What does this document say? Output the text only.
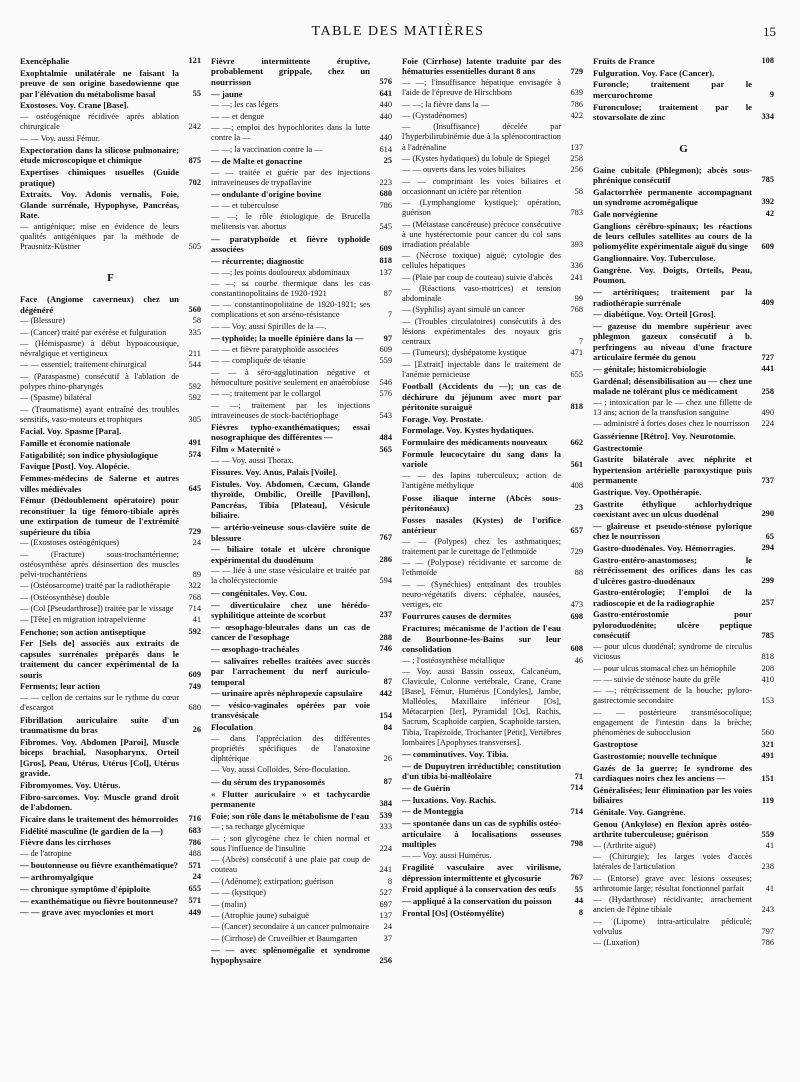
TABLE DES MATIÈRES	15
Exencéphalie	121
Exophtalmie unilatérale ne faisant la preuve de son origine basedowienne que par l'élévation du métabolisme basal	55
Exostoses. Voy. Crane [Base].
— ostéogénique récidivée après ablation chirurgicale	242
— — Voy. aussi Fémur.
Expectoration dans la silicose pulmonaire; étude microscopique et chimique	875
Expertises chimiques usuelles (Guide pratique)	702
Extraits. Voy. Adonis vernalis, Foie, Glande surrénale, Hypophyse, Pancréas, Rate.
— antigénique; mise en évidence de leurs qualités antigéniques par la méthode de Prausnitz-Küstner	505
F
Face (Angiome caverneux) chez un dégénéré	560
— (Blessure)	58
— (Cancer) traité par exérèse et fulguration	335
— (Hémispasme) à début hypoacousique, névralgique et vertigineux	211
— — essentiel; traitement chirurgical	544
— (Paraspasme) consécutif à l'ablation de polypes rhino-pharyngés	592
— (Spasme) bilatéral	592
— (Traumatisme) ayant entraîné des troubles sensitifs, vaso-moteurs et trophiques	305
Facial. Voy. Spasme [Para].
Famille et économie nationale	491
Fatigabilité; son indice physiologique	574
Favique [Post]. Voy. Alopécie.
Femmes-médecins de Salerne et autres villes médiévales	645
Fémur (Dédoublement opératoire) pour reconstituer la tige fémoro-tibiale après une extirpation de tumeur de l'extrémité supérieure du tibia	729
— (Exostoses ostéogéniques)	24
— (Fracture) sous-trochantérienne; ostéosynthèse après désinsertion des muscles pelvi-trochantériens	89
— (Ostéosarcome) traité par la radiothérapie	322
— (Ostéosynthèse) double	768
— (Col [Pseudarthrose]) traitée par le vissage	714
— [Tête] en migration intrapelvienne	41
Fenchone; son action antiseptique	592
Fer [Sels de] associés aux extraits de capsules surrénales préparés dans le traitement du cancer expérimental de la souris	609
Ferments; leur action	749
— — cellon de certains sur le rythme du cœur d'escargot	680
Fibrillation auriculaire suite d'un traumatisme du bras	26
Fibromes. Voy. Abdomen [Paroi], Muscle biceps brachial, Nasopharynx, Orteil [Gros], Peau, Utérus, Utérus [Col], Utérus gravide.
Fibromyomes. Voy. Utérus.
Fibro-sarcomes. Voy. Muscle grand droit de l'abdomen.
Ficaire dans le traitement des hémorroïdes	716
Fidélité masculine (le gardien de la —)	683
Fièvre dans les cirrhoses	786
— de l'atropine	488
— boutonneuse ou fièvre exanthématique?	571
— arthromyalgique	24
— chronique symptôme d'épiploïte	655
— exanthématique ou fièvre boutonneuse?	571
— — grave avec myoclonies et mort	449
Fièvre intermittente éruptive, probablement grippale, chez un nourrisson	576
— jaune	641
— —; les cas légers	440
— — et dengue	440
— —; emploi des hypochlorites dans la lutte contre la —	440
— —; la vaccination contre la —	614
— de Malte et gonacrine	25
— — traitée et guérie par des injections intraveineuses de trypaflavine	223
— ondulante d'origine bovine	680
— — et tuberculose	786
— —; le rôle étiologique de Brucella melitensis var. abortus	545
— paratyphoïde et fièvre typhoïde associées	609
— récurrente; diagnostic	818
— —; les points douloureux abdominaux	137
— —; sa courbe thermique dans les cas constantinopolitains de 1920-1921	87
— — constantinopolitaine de 1920-1921; ses complications et son arséno-résistance	7
— — Voy. aussi Spirilles de la —.
— typhoïde; la moelle épinière dans la —	97
— — et fièvre paratyphoïde associées	609
— — compliquée de tétanie	559
— — à séro-agglutination négative et hémoculture positive seulement en anaérobiose	546
— —; traitement par le collargol	576
— —; traitement par les injections intraveineuses de stock-bactériophage	543
Fièvres typho-exanthématiques; essai nosographique des différentes —	484
Film « Maternité »	565
— — Voy. aussi Thorax.
Fissures. Voy. Anus, Palais [Voile].
Fistules. Voy. Abdomen, Cæcum, Glande thyroïde, Ombilic, Oreille [Pavillon], Pancréas, Tibia [Plateau], Vésicule biliaire.
— artério-veineuse sous-clavière suite de blessure	767
— biliaire totale et ulcère chronique expérimental du duodénum	286
— — liée à une stase vésiculaire et traitée par la cholécystectomie	594
— congénitales. Voy. Cou.
— diverticulaire chez une hérédo-syphilitique atteinte de scorbut	237
— œsophago-bleurales dans un cas de cancer de l'œsophage	288
— œsophago-trachéales	746
— salivaires rebelles traitées avec succès par l'arrachement du nerf auriculo-temporal	87
— urinaire après néphropexie capsulaire	442
— vésico-vaginales opérées par voie transvésicale	154
Floculation	84
— dans l'appréciation des différentes propriétés spécifiques de l'anatoxine diphtérique	26
— Voy. aussi Colloïdes, Séro-floculation.
— du sérum des trypanosomés	87
« Flutter auriculaire » et tachycardie permanente	384
Foie; son rôle dans le métabolisme de l'eau	539
— ; sa recharge glycémique	333
— ; son glycogène chez le chien normal et sous l'influence de l'insuline	224
— (Abcès) consécutif à une plaie par coup de couteau	241
— (Adénome); extirpation; guérison	8
— — (kystique)	527
— (malin)	697
— (Atrophie jaune) subaiguë	137
— (Cancer) secondaire à un cancer pulmonaire	24
— (Cirrhose) de Cruveilhier et Baumgarten	37
— — avec splénomégalie et syndrome hypophysaire	256
Foie (Cirrhose) latente traduite par des hématuries essentielles durant 8 ans	729
— —; l'insuffisance hépatique envisagée à l'aide de l'épreuve de Hirschborn	639
— —; la fièvre dans la —	786
— (Cystadénomes)	422
— (Insuffisance) décelée par l'hyperbilirubinémie due à la splénocontraction à l'adrénaline	137
— (Kystes hydatiques) du lobule de Spiegel	258
— — ouverts dans les voies biliaires	256
— — comprimant les voies biliaires et occasionnant un ictère par rétention	58
— (Lymphangiome kystique); opération, guérison	783
— (Métastase cancéreuse) précoce consécutive à une hystérectomie pour cancer du col sans irradiation préalable	393
— (Nécrose toxique) aiguë; cytologie des cellules hépatiques	336
— (Plaie par coup de couteau) suivie d'abcès	241
— (Réactions vaso-motrices) et tension abdominale	99
— (Syphilis) ayant simulé un cancer	768
— (Troubles circulatoires) consécutifs à des lésions expérimentales des noyaux gris centraux	7
— (Tumeurs); dyshépatome kystique	471
— [Extrait] injectable dans le traitement de l'anémie pernicieuse	655
Football (Accidents du —); un cas de déchirure du jéjunum avec mort par péritonite suraiguë	818
Forage. Voy. Prostate.
Formolage. Voy. Kystes hydatiques.
Formulaire des médicaments nouveaux	662
Formule leucocytaire du sang dans la variole	561
— — des lapins tuberculeux; action de l'antigène méthylique	408
Fosse iliaque interne (Abcès sous-péritonéaux)	23
Fosses nasales (Kystes) de l'orifice antérieur	657
— — (Polypes) chez les asthmatiques; traitement par le curettage de l'ethmoïde	729
— — (Polypose) récidivante et sarcome de l'ethmoïde	88
— — (Synéchies) entraînant des troubles neuro-végétatifs divers: céphalée, nausées, vertiges, etc	473
Fourrures causes de dermites	698
Fractures; mécanisme de l'action de l'eau de Bourbonne-les-Bains sur leur consolidation	608
— ; l'ostéosynthèse métallique	46
— Voy. aussi Bassin osseux, Calcanéum, Clavicule, Colonne vertébrale, Crane, Crane [Base], Fémur, Humérus [Condyles], Jambe, Malléoles, Maxillaire inférieur [Os], Métacarpien [Ier], Pyramidal [Os], Rachis, Sacrum, Scaphoïde carpien, Scaphoïde tarsien, Tibia, Trapézoïde, Trochanter [Petit], Vertèbres lombaires [Apophyses transverses].
— comminutives. Voy. Tibia.
— de Dupuytren irréductible; constitution d'un tibia bi-malléolaire	71
— de Guérin	714
— luxations. Voy. Rachis.
— de Monteggia	714
— spontanée dans un cas de syphilis ostéo-articulaire à localisations osseuses multiples	798
— — Voy. aussi Humérus.
Fragilité vasculaire avec virilisme, dépression intermittente et glycosurie	767
Froid appliqué à la conservation des œufs	55
— appliqué à la conservation du poisson	44
Frontal [Os] (Ostéomyélite)	8
Fruits de France	108
Fulguration. Voy. Face (Cancer).
Furoncle; traitement par le mercurochrome	9
Furonculose; traitement par le stovarsolate de zinc	334
G
Gaine cubitale (Phlegmon); abcès sous-phrénique consécutif	785
Galactorrhée permanente accompagnant un syndrome acromégalique	392
Gale norvégienne	42
Ganglions cérébro-spinaux; les réactions de leurs cellules satellites au cours de la poliomyélite expérimentale aiguë du singe	609
Ganglionnaire. Voy. Tuberculose.
Gangrène. Voy. Doigts, Orteils, Peau, Poumon.
— artéritiques; traitement par la radiothérapie surrénale	409
— diabétique. Voy. Orteil [Gros].
— gazeuse du membre supérieur avec phlegmon gazeux consécutif à b. perfringens au niveau d'une fracture articulaire fermée du genou	727
— génitale; histomicrobiologie	441
Gardénal; désensibilisation au — chez une malade ne tolérant plus ce médicament	258
— ; intoxication par le — chez une fillette de 13 ans; action de la transfusion sanguine	490
— administré à fortes doses chez le nourrisson	224
Gassérienne [Rétro]. Voy. Neurotomie.
Gastrectomie
Gastrite bilatérale avec néphrite et hypertension artérielle paroxystique puis permanente	737
Gastrique. Voy. Opothérapie.
Gastrite éthylique achlorhydrique coexistant avec un ulcus duodénal	290
— glaireuse et pseudo-sténose pylorique chez le nourrisson	65
Gastro-duodénales. Voy. Hémorragies.	294
Gastro-entéro-anastomoses; le rétrécissement des orifices dans les cas d'ulcères gastro-duodénaux	299
Gastro-entérologie; l'emploi de la radioscopie et de la radiographie	257
Gastro-entérostomie pour pyloroduodénite; ulcère peptique consécutif	785
— pour ulcus duodénal; syndrome de circulus viciosus	818
— pour ulcus stomacal chez un hémophile	208
— — suivie de sténose haute du grêle	410
— —; rétrécissement de la bouche; pyloro-gastrectomie secondaire	153
— — postérieure transmésocolique; engagement de l'intestin dans la brèche; phénomènes de subocclusion	560
Gastroptose	321
Gastrostomie; nouvelle technique	491
Gazés de la guerre; le syndrome des cardiaques noirs chez les anciens —	151
Généralisées; leur élimination par les voies biliaires	119
Génitale. Voy. Gangrène.
Genou (Ankylose) en flexion après ostéo-arthrite tuberculeuse; guérison	559
— (Arthrite aiguë)	41
— (Chirurgie); les larges voies d'accès latérales de l'articulation	238
— (Entorse) grave avec lésions osseuses; arthrotomie large; résultat fonctionnel parfait	41
— (Hydarthrose) récidivante; arrachement ancien de l'épine tibiale	243
— (Lipome) intra-articulaire pédiculé; volvulus	797
— (Luxation)	786
